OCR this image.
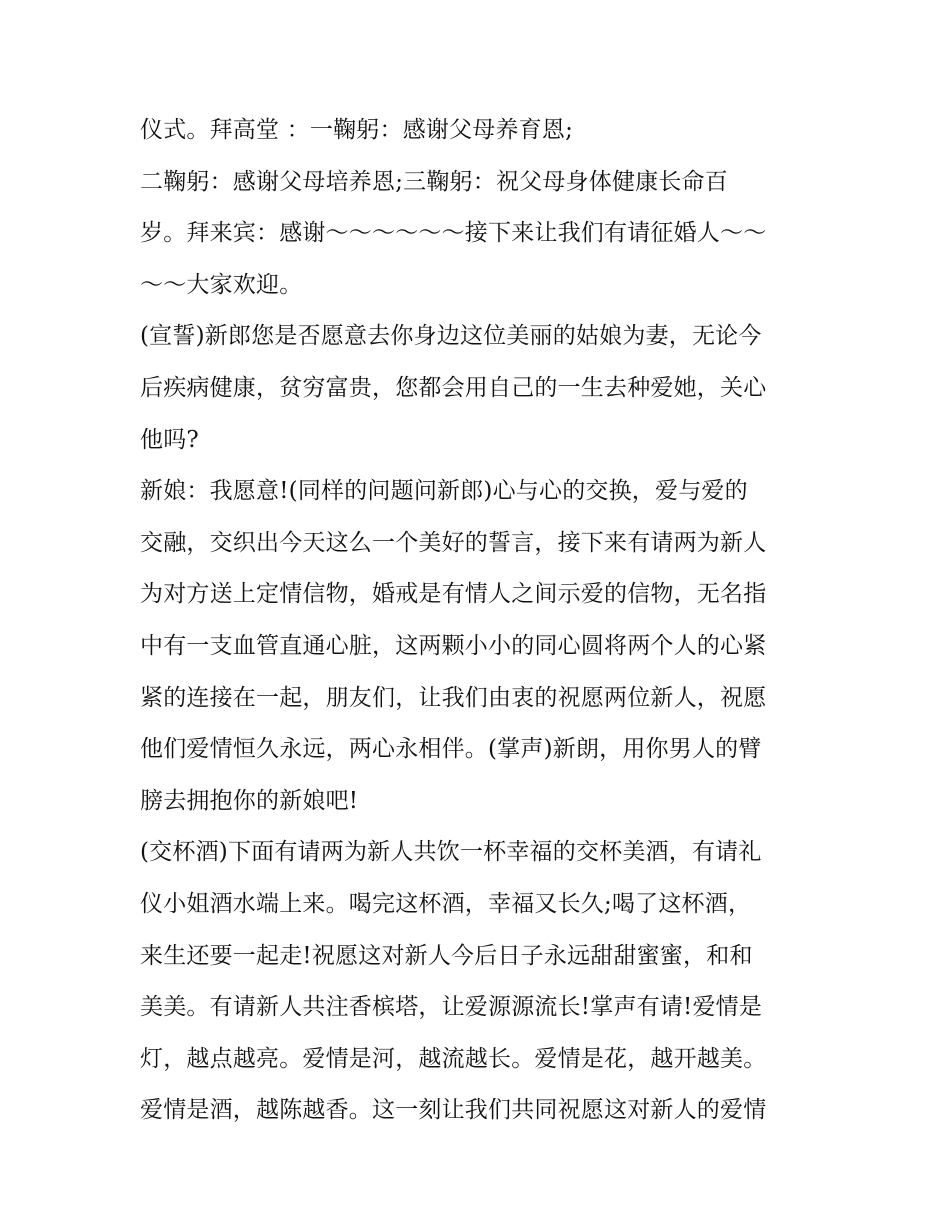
仪式。拜高堂 ：一鞠躬：感谢父母养育恩;
二鞠躬：感谢父母培养恩;三鞠躬：祝父母身体健康长命百
岁。拜来宾：感谢～～～～～～接下来让我们有请征婚人～～
～～大家欢迎。
(宣誓)新郎您是否愿意去你身边这位美丽的姑娘为妻，无论今
后疾病健康，贫穷富贵，您都会用自己的一生去种爱她，关心
他吗?
新娘：我愿意!(同样的问题问新郎)心与心的交换，爱与爱的
交融，交织出今天这么一个美好的誓言，接下来有请两为新人
为对方送上定情信物，婚戒是有情人之间示爱的信物，无名指
中有一支血管直通心脏，这两颗小小的同心圆将两个人的心紧
紧的连接在一起，朋友们，让我们由衷的祝愿两位新人，祝愿
他们爱情恒久永远，两心永相伴。(掌声)新朗，用你男人的臂
膀去拥抱你的新娘吧!
(交杯酒)下面有请两为新人共饮一杯幸福的交杯美酒，有请礼
仪小姐酒水端上来。喝完这杯酒，幸福又长久;喝了这杯酒，
来生还要一起走!祝愿这对新人今后日子永远甜甜蜜蜜，和和
美美。有请新人共注香槟塔，让爱源源流长!掌声有请!爱情是
灯，越点越亮。爱情是河，越流越长。爱情是花，越开越美。
爱情是酒，越陈越香。这一刻让我们共同祝愿这对新人的爱情
